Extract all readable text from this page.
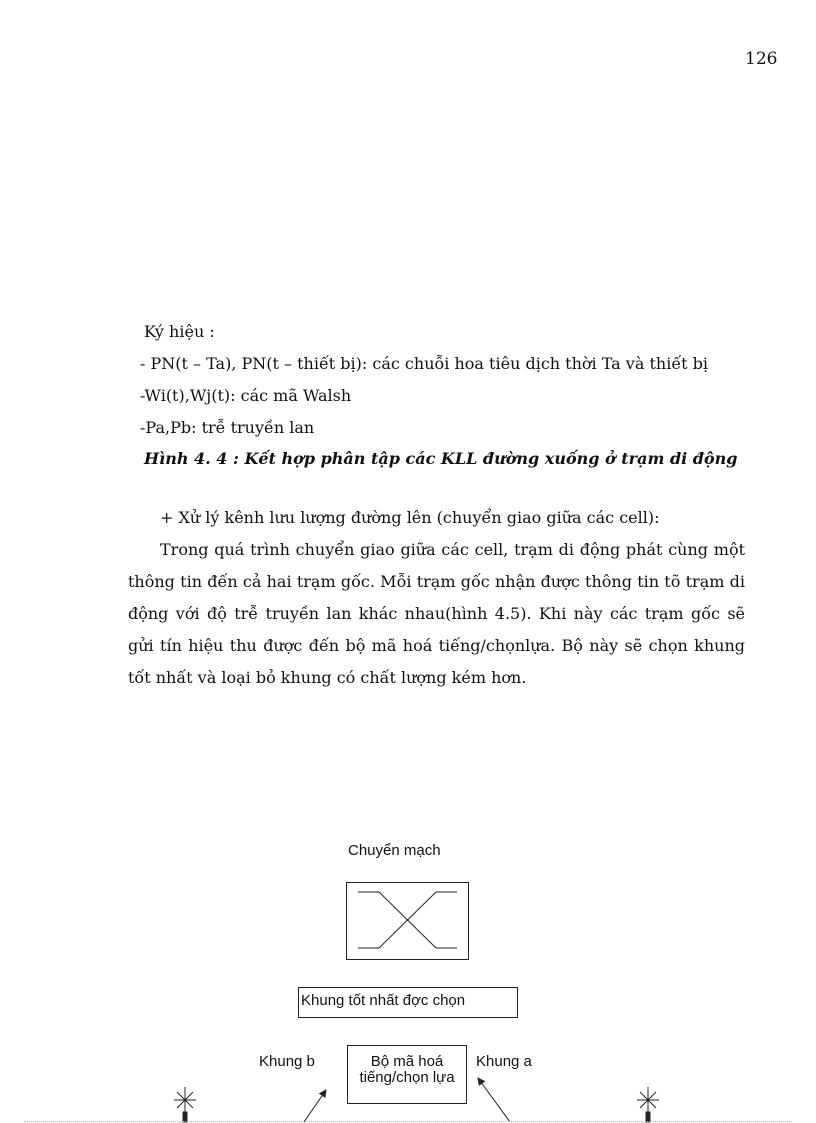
126
Ký hiệu :
- PN(t – Ta), PN(t – thiết bị): các chuỗi hoa tiêu dịch thời Ta và thiết bị
-Wi(t),Wj(t): các mã Walsh
-Pa,Pb: trễ truyền lan
Hình 4. 4 : Kết hợp phân tập các KLL đường xuống ở trạm di động
+ Xử lý kênh lưu lượng đường lên (chuyển giao giữa các cell):
Trong quá trình chuyển giao giữa các cell, trạm di động phát cùng một
thông tin đến cả hai trạm gốc. Mỗi trạm gốc nhận được thông tin tõ trạm di
động với độ trễ truyền lan khác nhau(hình 4.5). Khi này các trạm gốc sẽ
gửi tín hiệu thu được đến bộ mã hoá tiếng/chọnlựa. Bộ này sẽ chọn khung
tốt nhất và loại bỏ khung có chất lượng kém hơn.
Chuyển mạch
Khung tốt nhất đợc chọn
Khung b	Bộ mã hoá
tiếng/chọn lựa
Khung a
